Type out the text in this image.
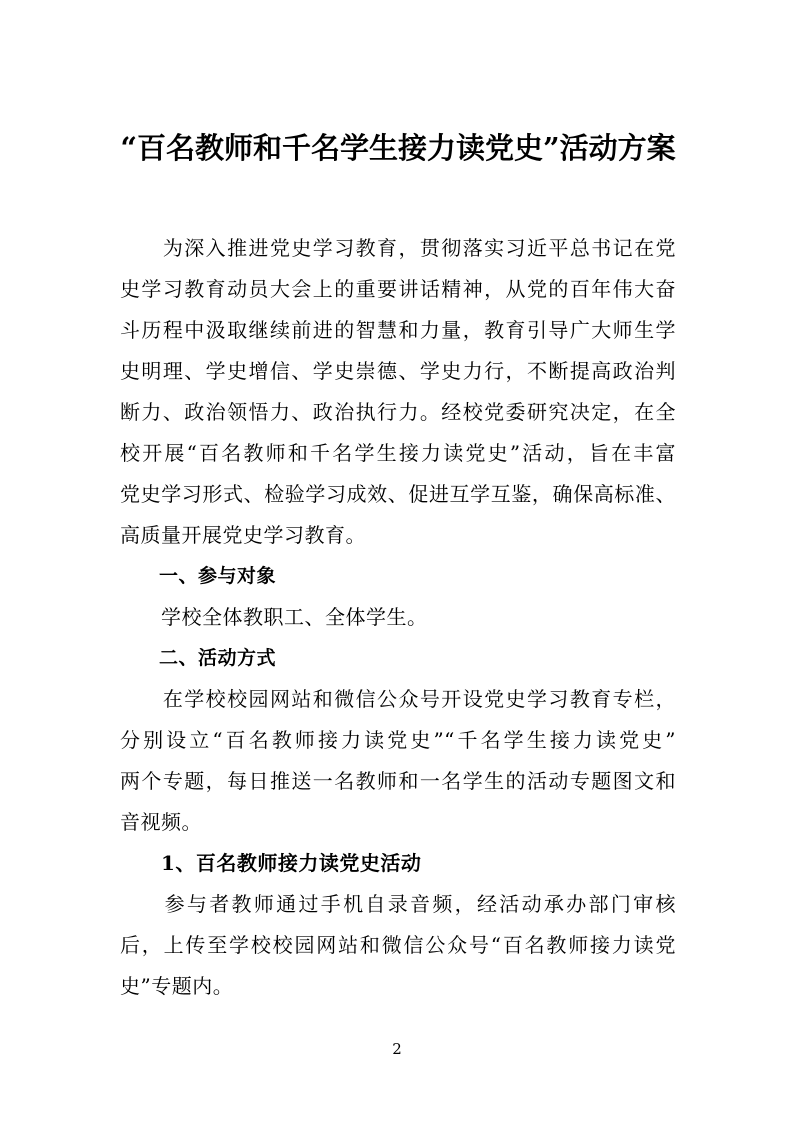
“百名教师和千名学生接力读党史”活动方案
　　为深入推进党史学习教育，贯彻落实习近平总书记在党
史学习教育动员大会上的重要讲话精神，从党的百年伟大奋
斗历程中汲取继续前进的智慧和力量，教育引导广大师生学
史明理、学史增信、学史崇德、学史力行，不断提高政治判
断力、政治领悟力、政治执行力。经校党委研究决定，在全
校开展“百名教师和千名学生接力读党史”活动，旨在丰富
党史学习形式、检验学习成效、促进互学互鉴，确保高标准、
高质量开展党史学习教育。
　　一、参与对象
　　学校全体教职工、全体学生。
　　二、活动方式
　　在学校校园网站和微信公众号开设党史学习教育专栏，
分别设立“百名教师接力读党史”“千名学生接力读党史”
两个专题，每日推送一名教师和一名学生的活动专题图文和
音视频。
　　1、百名教师接力读党史活动
　　参与者教师通过手机自录音频，经活动承办部门审核
后，上传至学校校园网站和微信公众号“百名教师接力读党
史”专题内。
2
